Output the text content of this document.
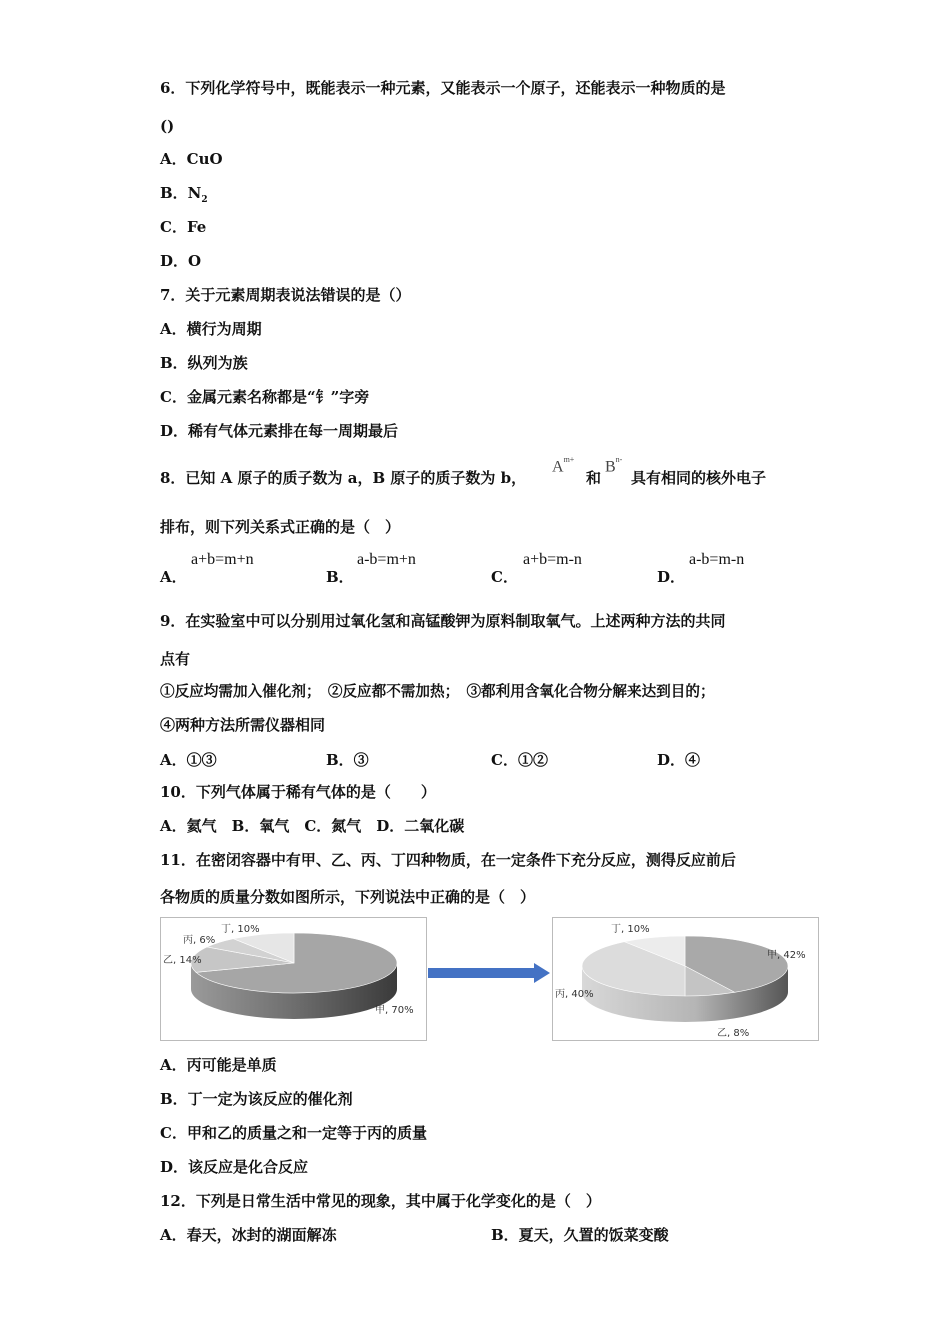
6．下列化学符号中，既能表示一种元素，又能表示一个原子，还能表示一种物质的是
()
A．CuO
B．$N_2$
C．Fe
D．O
7．关于元素周期表说法错误的是（）
A．横行为周期
B．纵列为族
C．金属元素名称都是“钅”字旁
D．稀有气体元素排在每一周期最后
8．已知 A 原子的质子数为 a，B 原子的质子数为 b，
$A^{m+}$
和
$B^{n-}$
具有相同的核外电子
排布，则下列关系式正确的是（　）
A．
a+b=m+n
B．
a-b=m+n
C．
a+b=m-n
D．
a-b=m-n
9．在实验室中可以分别用过氧化氢和高锰酸钾为原料制取氧气。上述两种方法的共同
点有
①反应均需加入催化剂；　②反应都不需加热；　③都利用含氧化合物分解来达到目的；
④两种方法所需仪器相同
A．①③	B．③	C．①②	D．④
10．下列气体属于稀有气体的是（　　）
A．氦气　B．氧气　C．氮气　D．二氧化碳
11．在密闭容器中有甲、乙、丙、丁四种物质，在一定条件下充分反应，测得反应前后
各物质的质量分数如图所示，下列说法中正确的是（　）
丁, 10%
丙, 6%
乙, 14%
甲, 70%
丁, 10%
甲, 42%
丙, 40%
乙, 8%
A．丙可能是单质
B．丁一定为该反应的催化剂
C．甲和乙的质量之和一定等于丙的质量
D．该反应是化合反应
12．下列是日常生活中常见的现象，其中属于化学变化的是（　）
A．春天，冰封的湖面解冻	B．夏天，久置的饭菜变酸
